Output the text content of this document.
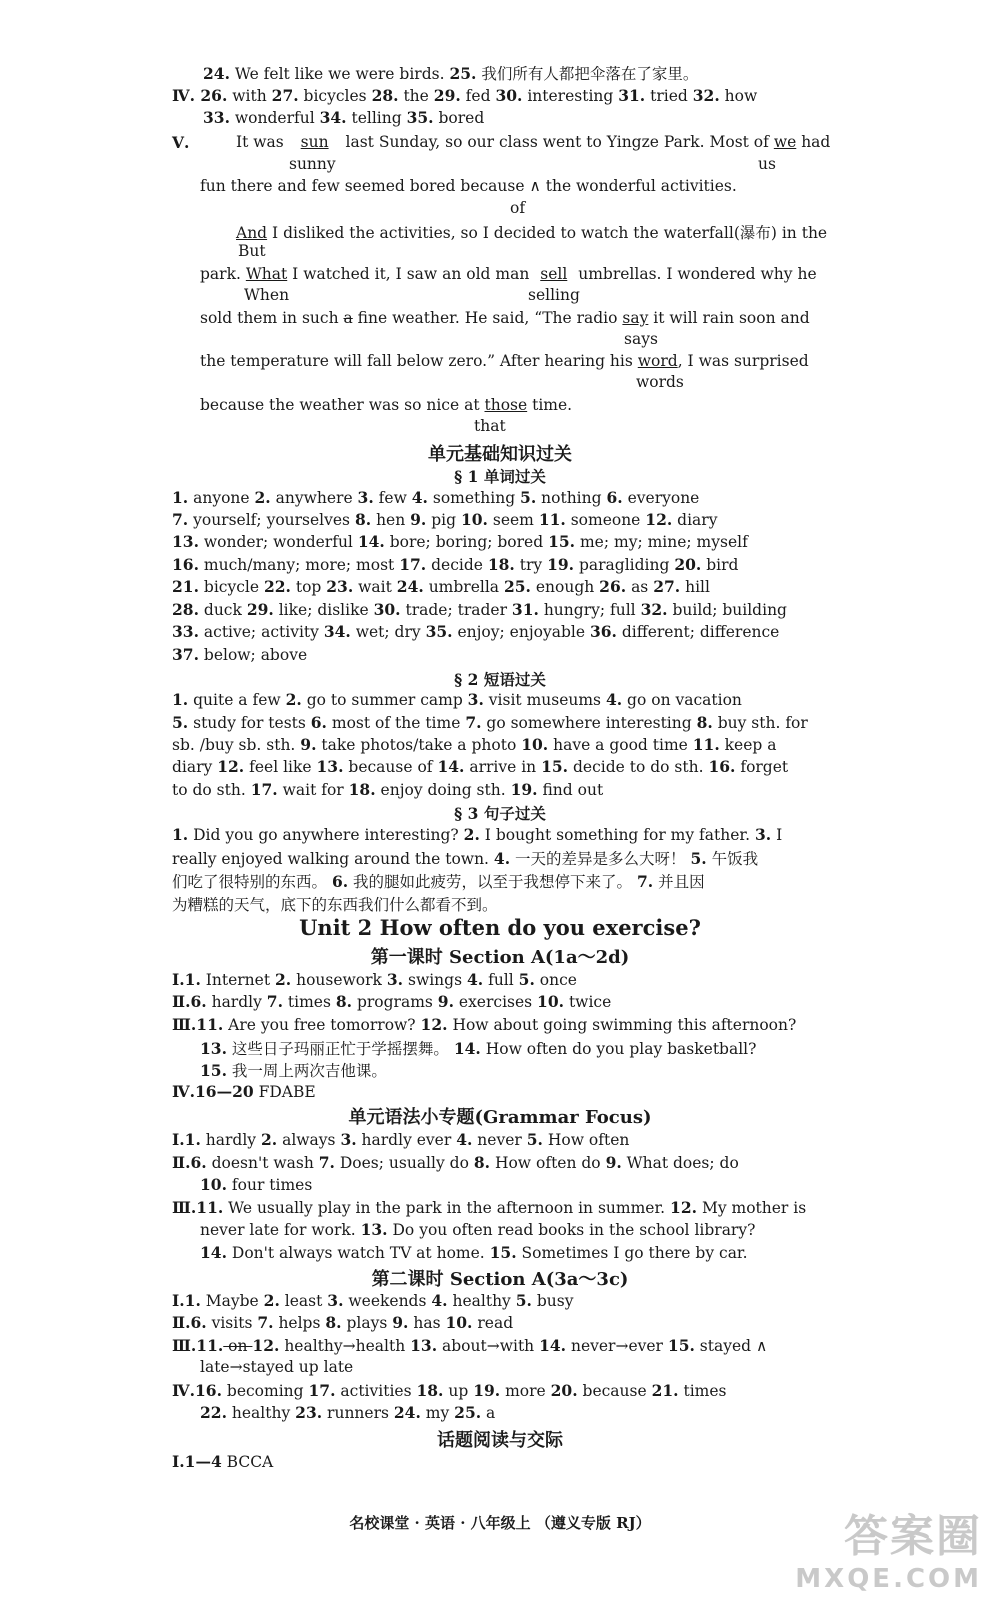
24. We felt like we were birds. 25. 我们所有人都把伞落在了家里。
Ⅳ. 26. with 27. bicycles 28. the 29. fed 30. interesting 31. tried 32. how
33. wonderful 34. telling 35. bored
Ⅴ.	It was sun last Sunday, so our class went to Yingze Park. Most of we had
sunny	us
fun there and few seemed bored because ∧ the wonderful activities.
of
And I disliked the activities, so I decided to watch the waterfall(瀑布) in the
But
park. What I watched it, I saw an old man sell umbrellas. I wondered why he
When	selling
sold them in such a fine weather. He said, “The radio say it will rain soon and
says
the temperature will fall below zero.” After hearing his word, I was surprised
words
because the weather was so nice at those time.
that
单元基础知识过关
§ 1 单词过关
1. anyone 2. anywhere 3. few 4. something 5. nothing 6. everyone
7. yourself; yourselves 8. hen 9. pig 10. seem 11. someone 12. diary
13. wonder; wonderful 14. bore; boring; bored 15. me; my; mine; myself
16. much/many; more; most 17. decide 18. try 19. paragliding 20. bird
21. bicycle 22. top 23. wait 24. umbrella 25. enough 26. as 27. hill
28. duck 29. like; dislike 30. trade; trader 31. hungry; full 32. build; building
33. active; activity 34. wet; dry 35. enjoy; enjoyable 36. different; difference
37. below; above
§ 2 短语过关
1. quite a few 2. go to summer camp 3. visit museums 4. go on vacation
5. study for tests 6. most of the time 7. go somewhere interesting 8. buy sth. for
sb. /buy sb. sth. 9. take photos/take a photo 10. have a good time 11. keep a
diary 12. feel like 13. because of 14. arrive in 15. decide to do sth. 16. forget
to do sth. 17. wait for 18. enjoy doing sth. 19. find out
§ 3 句子过关
1. Did you go anywhere interesting? 2. I bought something for my father. 3. I
really enjoyed walking around the town. 4. 一天的差异是多么大呀！ 5. 午饭我
们吃了很特别的东西。 6. 我的腿如此疲劳，以至于我想停下来了。 7. 并且因
为糟糕的天气，底下的东西我们什么都看不到。
Unit 2 How often do you exercise?
第一课时 Section A(1a～2d)
Ⅰ.1. Internet 2. housework 3. swings 4. full 5. once
Ⅱ.6. hardly 7. times 8. programs 9. exercises 10. twice
Ⅲ.11. Are you free tomorrow? 12. How about going swimming this afternoon?
13. 这些日子玛丽正忙于学摇摆舞。 14. How often do you play basketball?
15. 我一周上两次吉他课。
Ⅳ.16—20 FDABE
单元语法小专题(Grammar Focus)
Ⅰ.1. hardly 2. always 3. hardly ever 4. never 5. How often
Ⅱ.6. doesn't wash 7. Does; usually do 8. How often do 9. What does; do
10. four times
Ⅲ.11. We usually play in the park in the afternoon in summer. 12. My mother is
never late for work. 13. Do you often read books in the school library?
14. Don't always watch TV at home. 15. Sometimes I go there by car.
第二课时 Section A(3a～3c)
Ⅰ.1. Maybe 2. least 3. weekends 4. healthy 5. busy
Ⅱ.6. visits 7. helps 8. plays 9. has 10. read
Ⅲ.11. on 12. healthy→health 13. about→with 14. never→ever 15. stayed ∧
late→stayed up late
Ⅳ.16. becoming 17. activities 18. up 19. more 20. because 21. times
22. healthy 23. runners 24. my 25. a
话题阅读与交际
Ⅰ.1—4 BCCA
名校课堂 · 英语 · 八年级上 （遵义专版 RJ）	答案圈
MXQE.COM
